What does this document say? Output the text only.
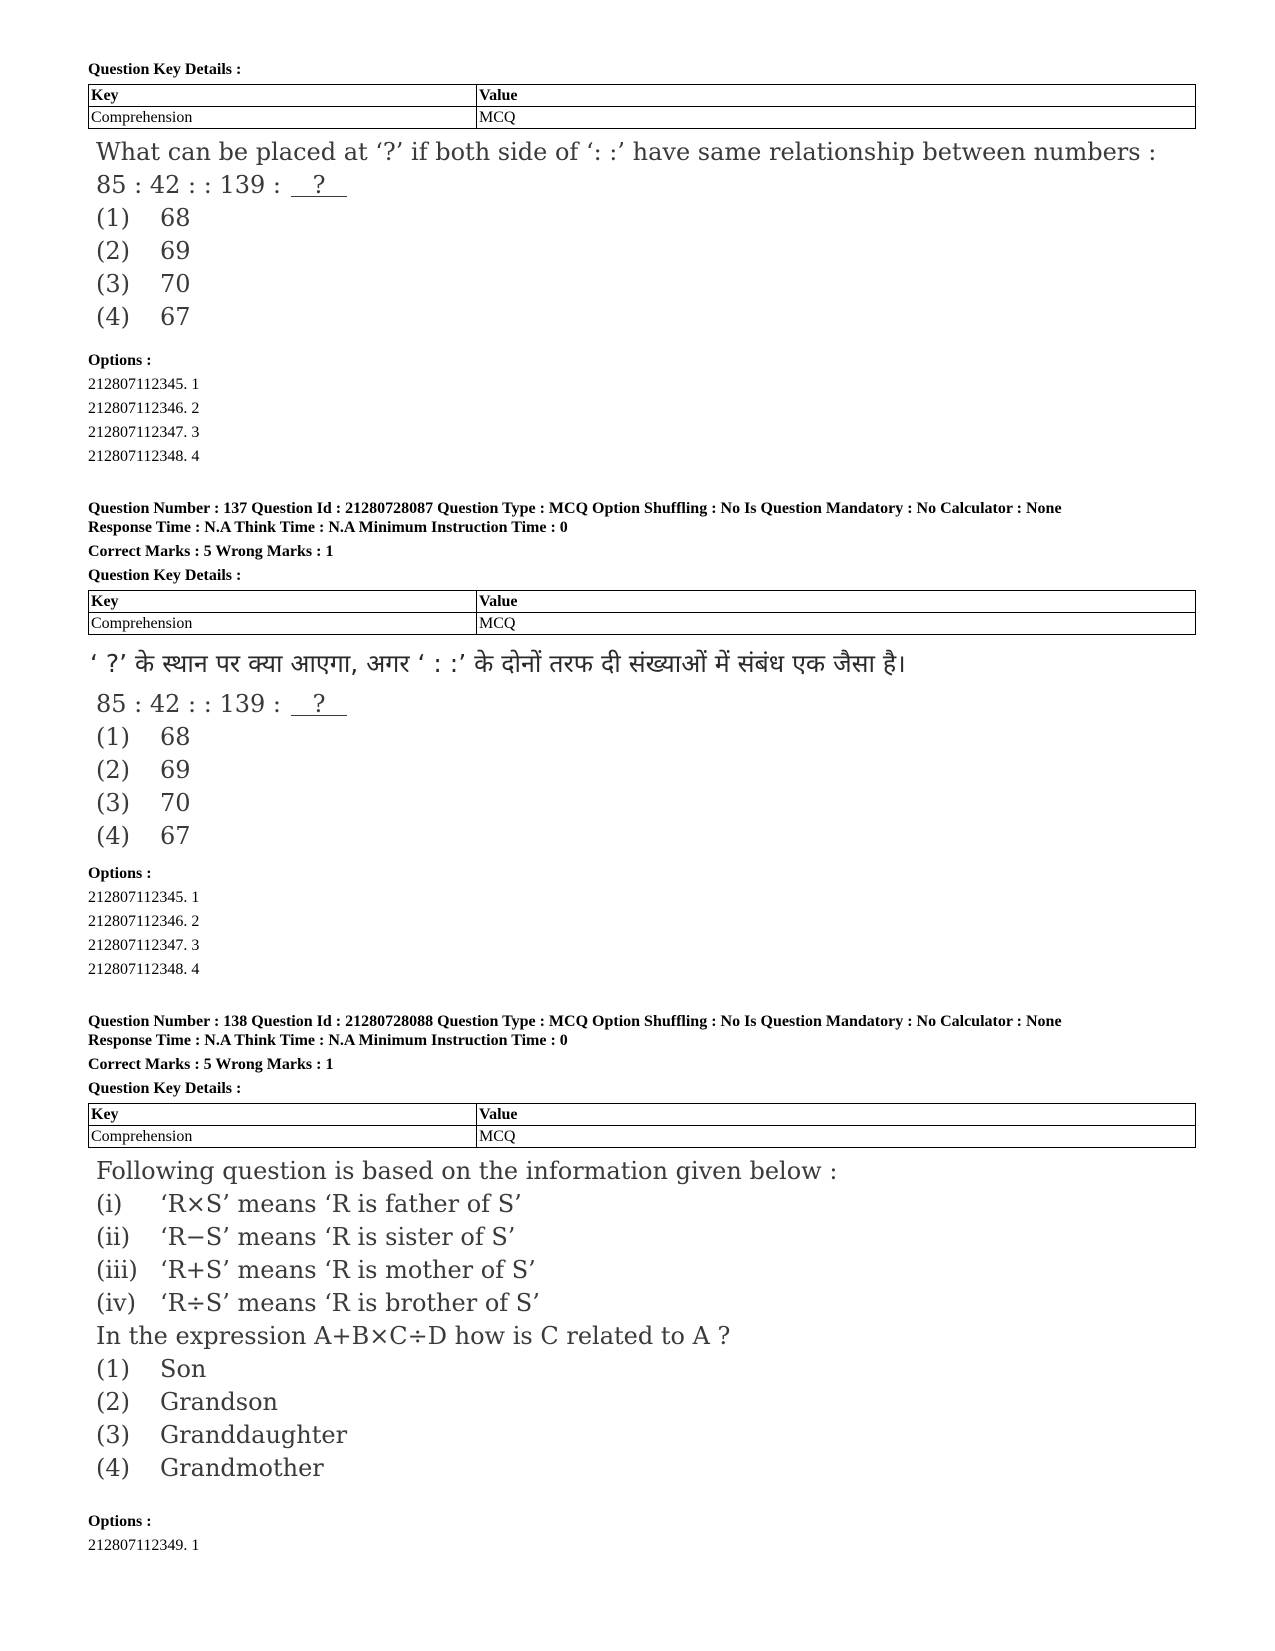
Question Key Details :
Key	Value
Comprehension	MCQ
What can be placed at ‘?’ if both side of ‘: :’ have same relationship between numbers :
85 : 42 : : 139 : ?
(1) 68
(2) 69
(3) 70
(4) 67
Options :
212807112345. 1
212807112346. 2
212807112347. 3
212807112348. 4
Question Number : 137 Question Id : 21280728087 Question Type : MCQ Option Shuffling : No Is Question Mandatory : No Calculator : None
Response Time : N.A Think Time : N.A Minimum Instruction Time : 0
Correct Marks : 5 Wrong Marks : 1
Question Key Details :
Key	Value
Comprehension	MCQ
‘ ?’ के स्थान पर क्या आएगा, अगर ‘ : :’ के दोनों तरफ दी संख्याओं में संबंध एक जैसा है।
85 : 42 : : 139 : ?
(1) 68
(2) 69
(3) 70
(4) 67
Options :
212807112345. 1
212807112346. 2
212807112347. 3
212807112348. 4
Question Number : 138 Question Id : 21280728088 Question Type : MCQ Option Shuffling : No Is Question Mandatory : No Calculator : None
Response Time : N.A Think Time : N.A Minimum Instruction Time : 0
Correct Marks : 5 Wrong Marks : 1
Question Key Details :
Key	Value
Comprehension	MCQ
Following question is based on the information given below :
(i) ‘R×S’ means ‘R is father of S’
(ii) ‘R−S’ means ‘R is sister of S’
(iii) ‘R+S’ means ‘R is mother of S’
(iv) ‘R÷S’ means ‘R is brother of S’
In the expression A+B×C÷D how is C related to A ?
(1) Son
(2) Grandson
(3) Granddaughter
(4) Grandmother
Options :
212807112349. 1
